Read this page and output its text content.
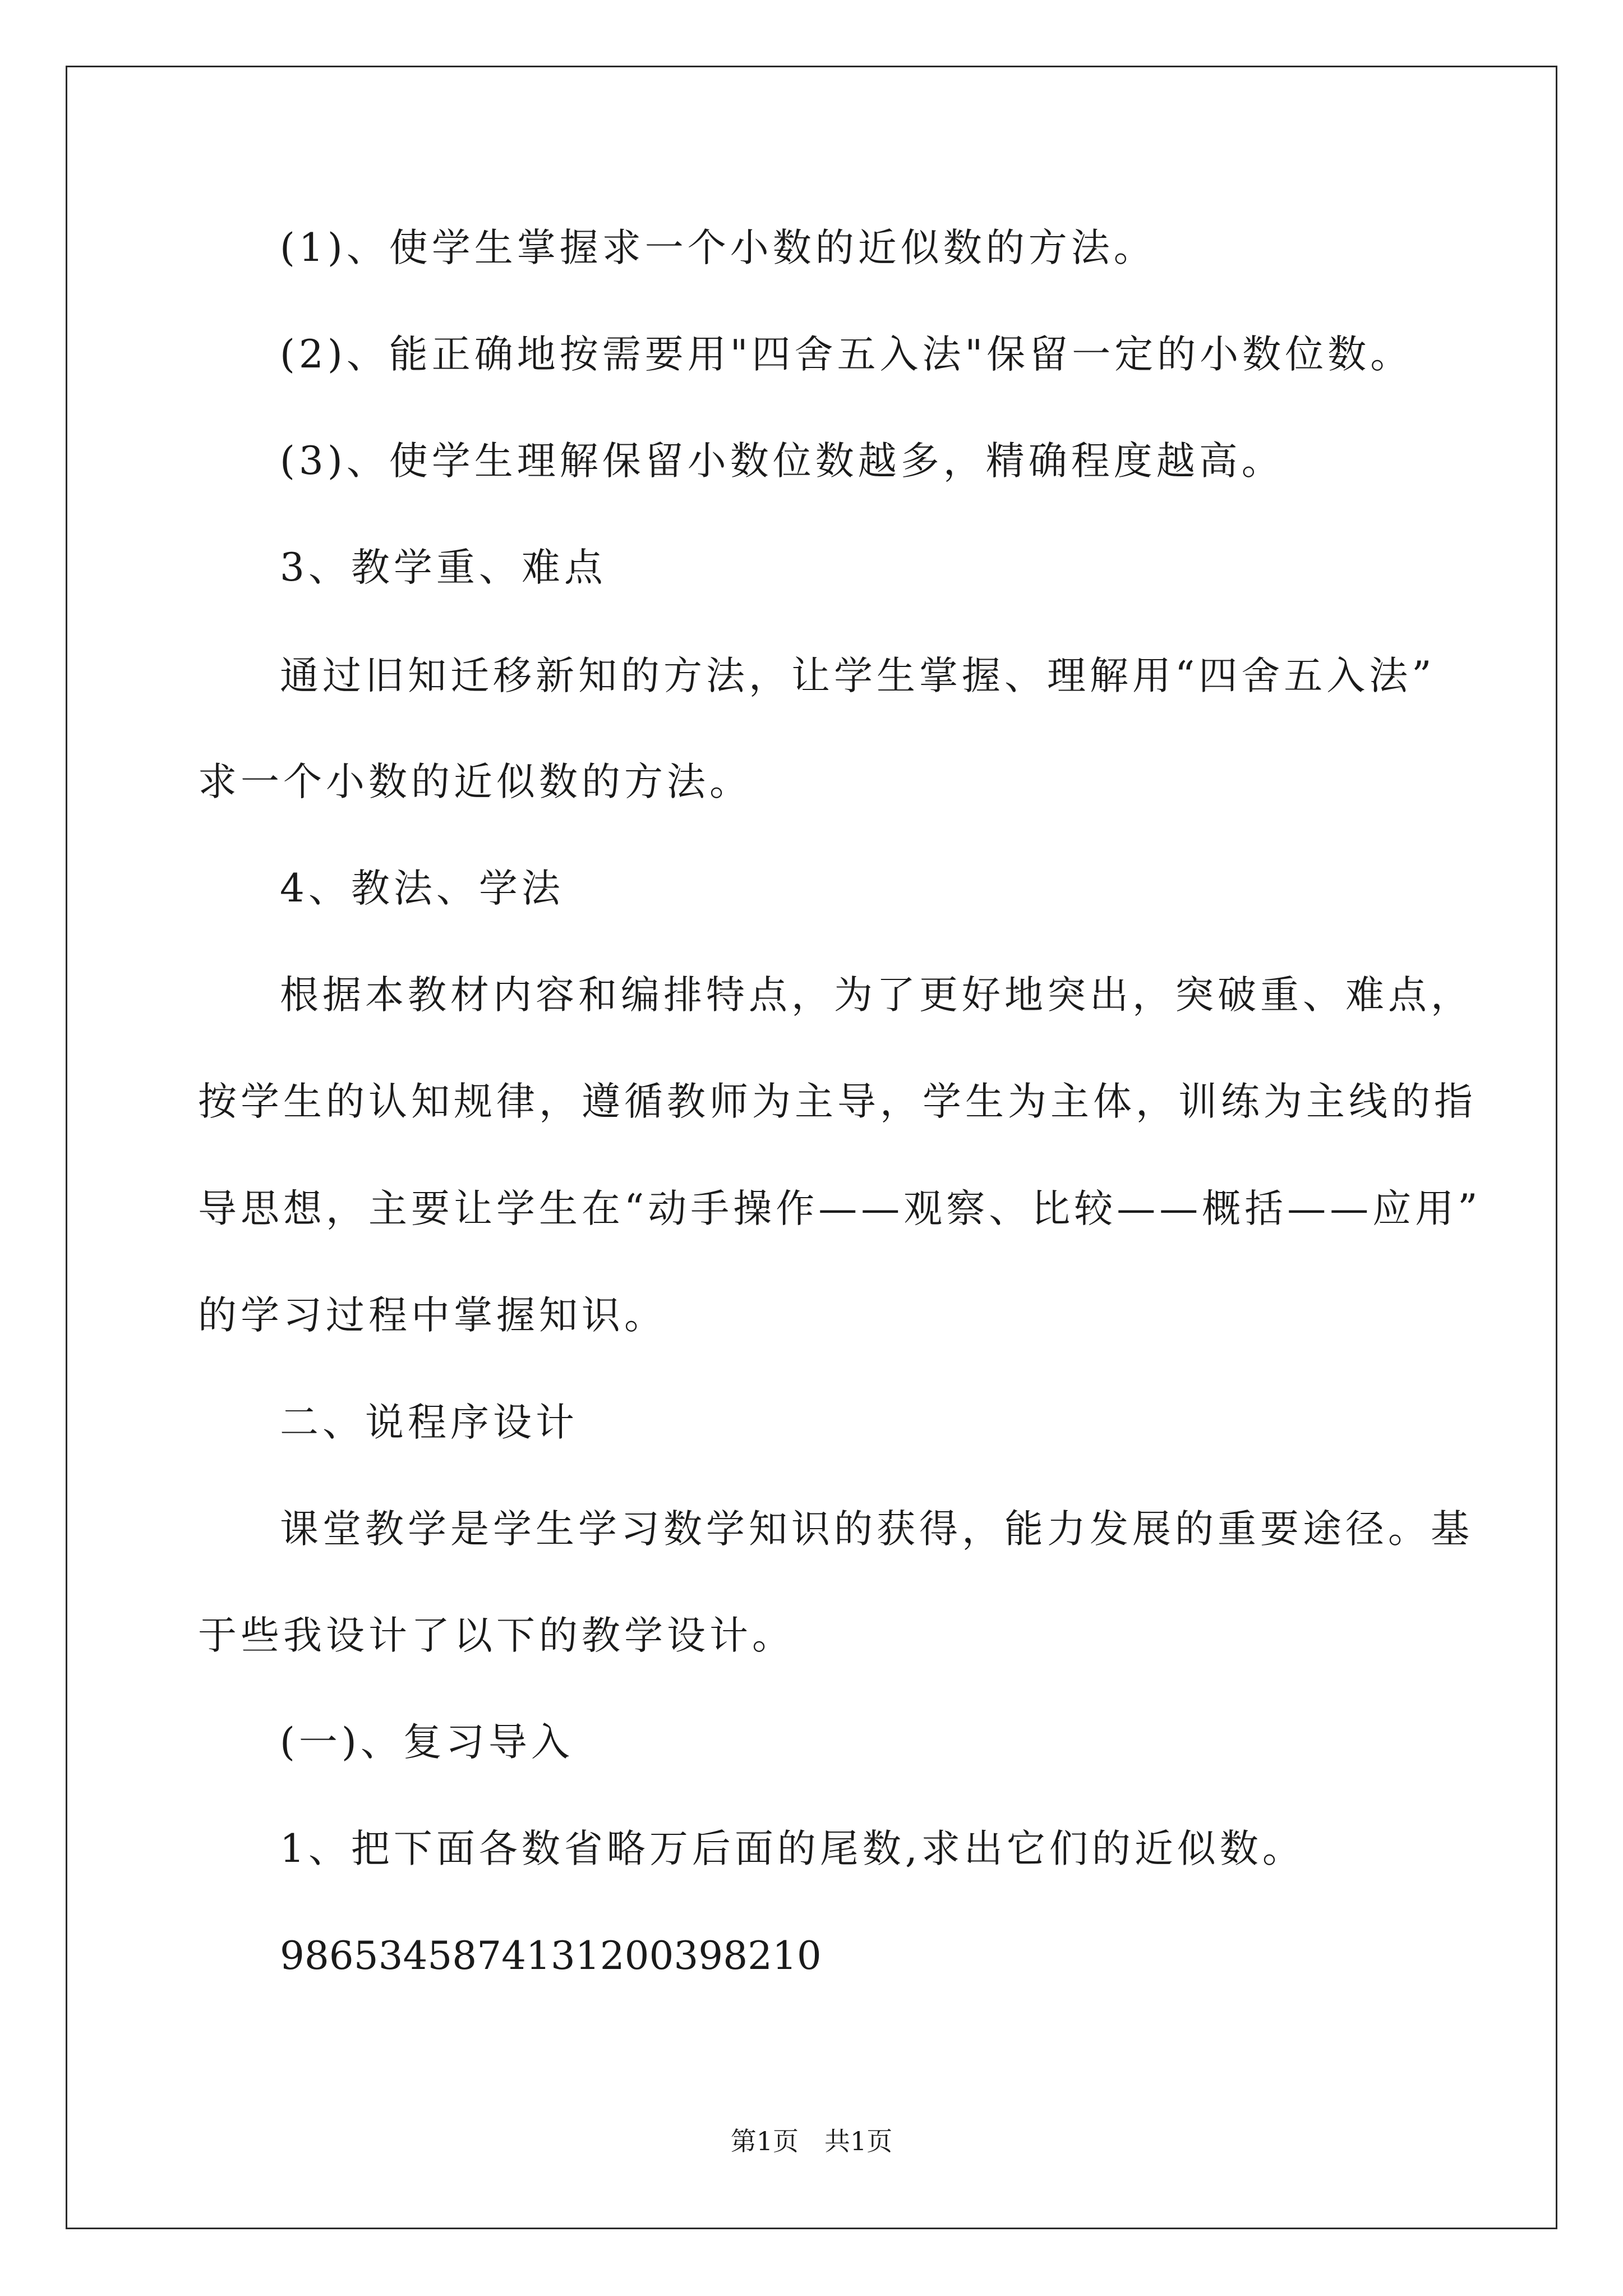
(1)、使学生掌握求一个小数的近似数的方法。
(2)、能正确地按需要用"四舍五入法"保留一定的小数位数。
(3)、使学生理解保留小数位数越多，精确程度越高。
3、教学重、难点
通过旧知迁移新知的方法，让学生掌握、理解用“四舍五入法”
求一个小数的近似数的方法。
4、教法、学法
根据本教材内容和编排特点，为了更好地突出，突破重、难点，
按学生的认知规律，遵循教师为主导，学生为主体，训练为主线的指
导思想，主要让学生在“动手操作——观察、比较——概括——应用”
的学习过程中掌握知识。
二、说程序设计
课堂教学是学生学习数学知识的获得，能力发展的重要途径。基
于些我设计了以下的教学设计。
(一)、复习导入
1、把下面各数省略万后面的尾数,求出它们的近似数。
98653458741312003982​10
第1页　共1页
